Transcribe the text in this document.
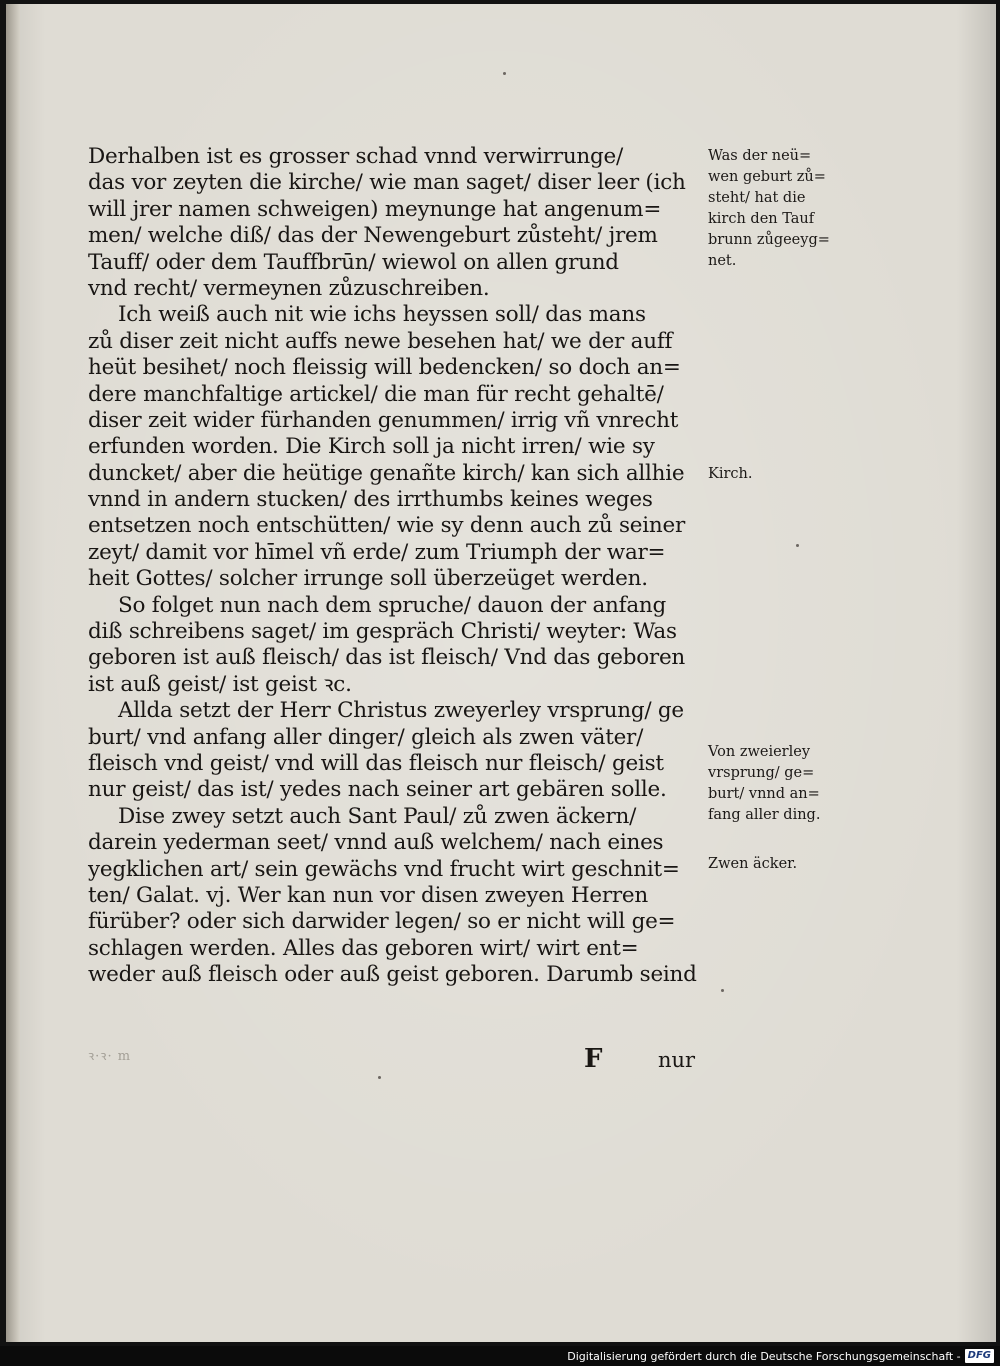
Derhalben ist es grosser schad vnnd verwirrunge/
das vor zeyten die kirche/ wie man saget/ diser leer (ich
will jrer namen schweigen) meynunge hat angenum=
men/ welche diß/ das der Newengeburt zůsteht/ jrem
Tauff/ oder dem Tauffbrūn/ wiewol on allen grund
vnd recht/ vermeynen zůzuschreiben.
Ich weiß auch nit wie ichs heyssen soll/ das mans
zů diser zeit nicht auffs newe besehen hat/ we der auff
heüt besihet/ noch fleissig will bedencken/ so doch an=
dere manchfaltige artickel/ die man für recht gehaltē/
diser zeit wider fürhanden genummen/ irrig vñ vnrecht
erfunden worden. Die Kirch soll ja nicht irren/ wie sy
duncket/ aber die heütige genañte kirch/ kan sich allhie
vnnd in andern stucken/ des irrthumbs keines weges
entsetzen noch entschütten/ wie sy denn auch zů seiner
zeyt/ damit vor hīmel vñ erde/ zum Triumph der war=
heit Gottes/ solcher irrunge soll überzeüget werden.
So folget nun nach dem spruche/ dauon der anfang
diß schreibens saget/ im gespräch Christi/ weyter: Was
geboren ist auß fleisch/ das ist fleisch/ Vnd das geboren
ist auß geist/ ist geist ꝛc.
Allda setzt der Herr Christus zweyerley vrsprung/ ge
burt/ vnd anfang aller dinger/ gleich als zwen väter/
fleisch vnd geist/ vnd will das fleisch nur fleisch/ geist
nur geist/ das ist/ yedes nach seiner art gebären solle.
Dise zwey setzt auch Sant Paul/ zů zwen äckern/
darein yederman seet/ vnnd auß welchem/ nach eines
yegklichen art/ sein gewächs vnd frucht wirt geschnit=
ten/ Galat. vj. Wer kan nun vor disen zweyen Herren
fürüber? oder sich darwider legen/ so er nicht will ge=
schlagen werden. Alles das geboren wirt/ wirt ent=
weder auß fleisch oder auß geist geboren. Darumb seind
Was der neü=
wen geburt zů=
steht/ hat die
kirch den Tauf
brunn zůgeeyg=
net.
Kirch.
Von zweierley
vrsprung/ ge=
burt/ vnnd an=
fang aller ding.
Zwen äcker.
ꝛ·ꝛ· m	F	nur
Digitalisierung gefördert durch die Deutsche Forschungsgemeinschaft - DFG
